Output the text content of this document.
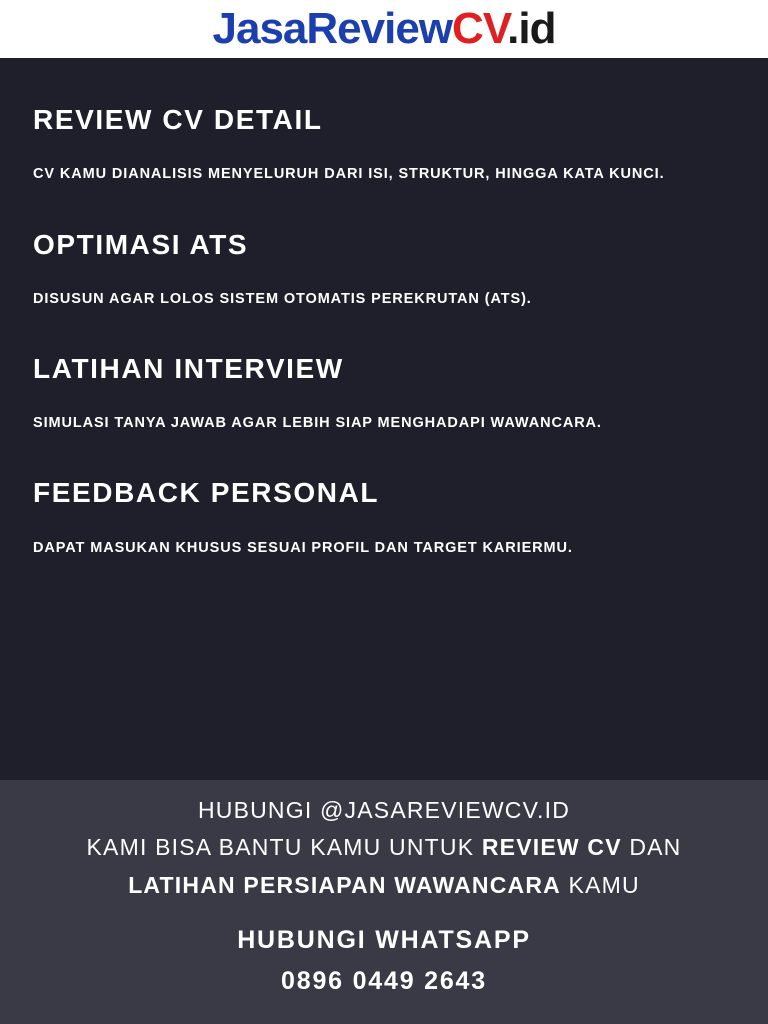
JasaReviewCV.id
REVIEW CV DETAIL
CV KAMU DIANALISIS MENYELURUH DARI ISI, STRUKTUR, HINGGA KATA KUNCI.
OPTIMASI ATS
DISUSUN AGAR LOLOS SISTEM OTOMATIS PEREKRUTAN (ATS).
LATIHAN INTERVIEW
SIMULASI TANYA JAWAB AGAR LEBIH SIAP MENGHADAPI WAWANCARA.
FEEDBACK PERSONAL
DAPAT MASUKAN KHUSUS SESUAI PROFIL DAN TARGET KARIERMU.
HUBUNGI @JASAREVIEWCV.ID
KAMI BISA BANTU KAMU UNTUK REVIEW CV DAN
LATIHAN PERSIAPAN WAWANCARA KAMU
HUBUNGI WHATSAPP
0896 0449 2643
